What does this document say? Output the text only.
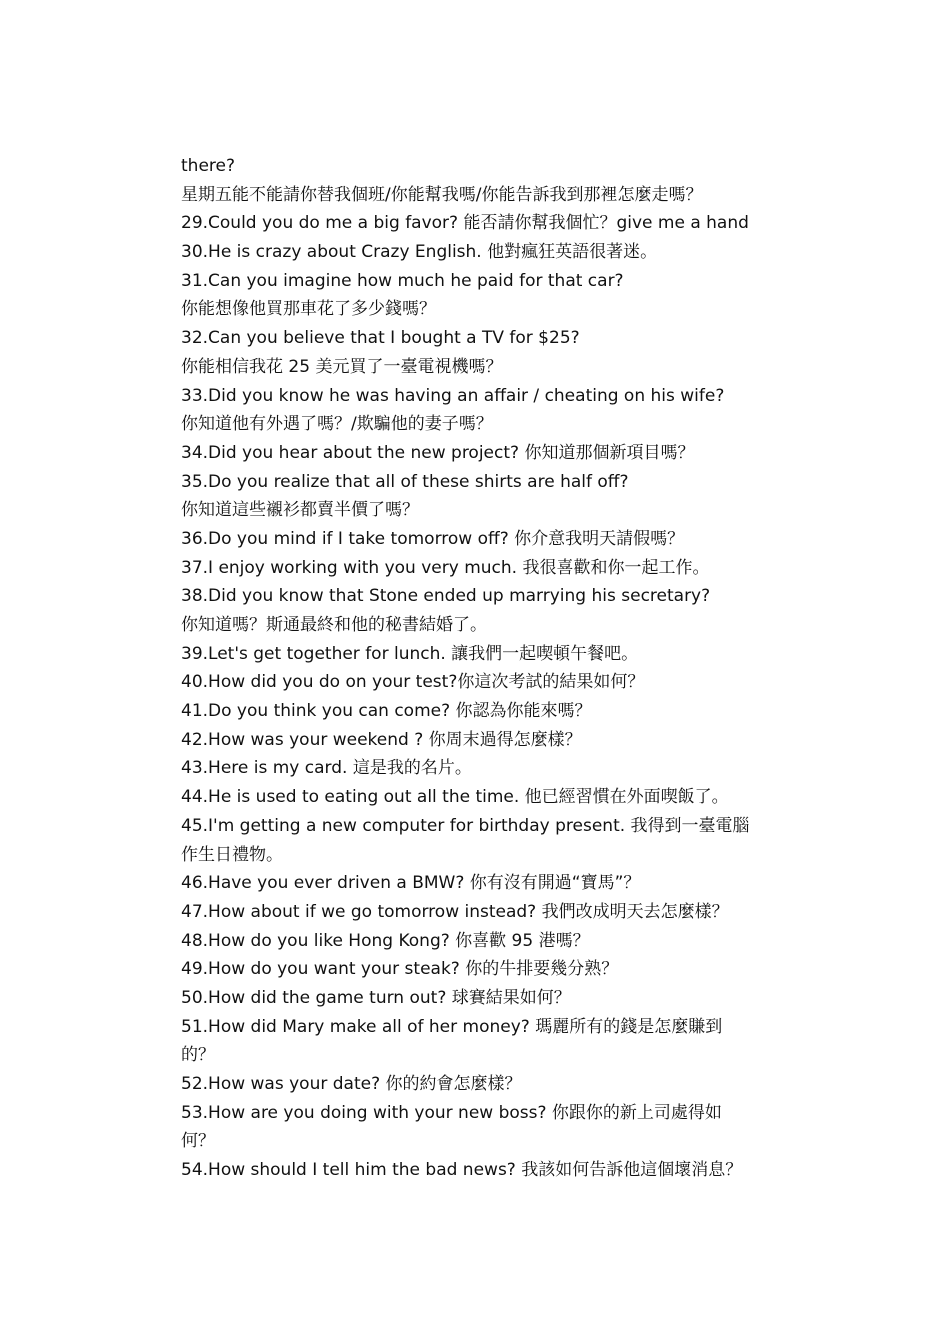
there?
星期五能不能請你替我個班/你能幫我嗎/你能告訴我到那裡怎麼走嗎？
29.Could you do me a big favor? 能否請你幫我個忙？give me a hand
30.He is crazy about Crazy English. 他對瘋狂英語很著迷。
31.Can you imagine how much he paid for that car?
你能想像他買那車花了多少錢嗎？
32.Can you believe that I bought a TV for $25?
你能相信我花 25 美元買了一臺電視機嗎？
33.Did you know he was having an affair / cheating on his wife?
你知道他有外遇了嗎？/欺騙他的妻子嗎？
34.Did you hear about the new project? 你知道那個新項目嗎？
35.Do you realize that all of these shirts are half off?
你知道這些襯衫都賣半價了嗎？
36.Do you mind if I take tomorrow off? 你介意我明天請假嗎？
37.I enjoy working with you very much. 我很喜歡和你一起工作。
38.Did you know that Stone ended up marrying his secretary?
你知道嗎？斯通最終和他的秘書結婚了。
39.Let's get together for lunch. 讓我們一起喫頓午餐吧。
40.How did you do on your test?你這次考試的結果如何？
41.Do you think you can come? 你認為你能來嗎？
42.How was your weekend ? 你周末過得怎麼樣？
43.Here is my card. 這是我的名片。
44.He is used to eating out all the time. 他已經習慣在外面喫飯了。
45.I'm getting a new computer for birthday present. 我得到一臺電腦
作生日禮物。
46.Have you ever driven a BMW? 你有沒有開過“寶馬”？
47.How about if we go tomorrow instead? 我們改成明天去怎麼樣？
48.How do you like Hong Kong? 你喜歡 95 港嗎？
49.How do you want your steak? 你的牛排要幾分熟？
50.How did the game turn out? 球賽結果如何？
51.How did Mary make all of her money? 瑪麗所有的錢是怎麼賺到
的？
52.How was your date? 你的約會怎麼樣？
53.How are you doing with your new boss? 你跟你的新上司處得如
何？
54.How should I tell him the bad news? 我該如何告訴他這個壞消息？
